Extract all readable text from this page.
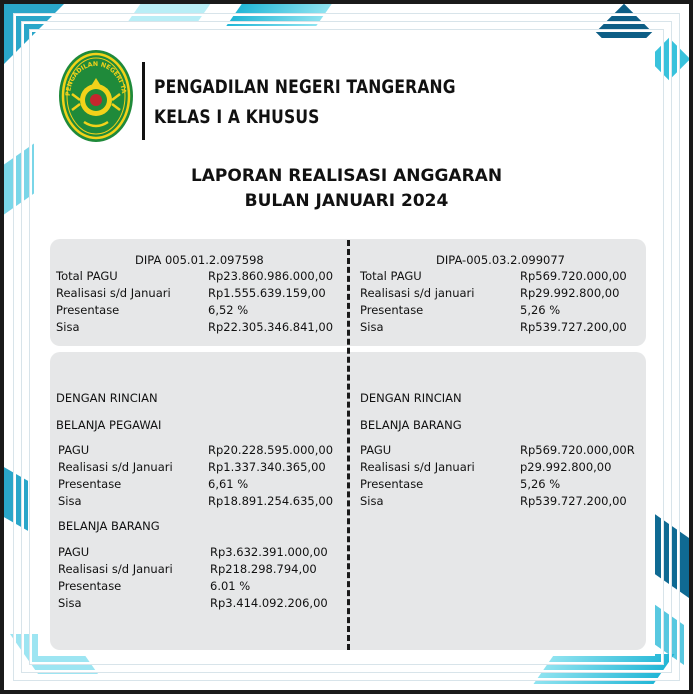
PENGADILAN NEGERI TA PENGADILAN NEGERI TANGERANG
KELAS I A KHUSUS
LAPORAN REALISASI ANGGARAN
BULAN JANUARI 2024
DIPA 005.01.2.097598
Total PAGU	Rp23.860.986.000,00
Realisasi s/d Januari	Rp1.555.639.159,00
Presentase	6,52 %
Sisa	Rp22.305.346.841,00
DIPA-005.03.2.099077
Total PAGU	Rp569.720.000,00
Realisasi s/d januari	Rp29.992.800,00
Presentase	5,26 %
Sisa	Rp539.727.200,00
DENGAN RINCIAN
BELANJA PEGAWAI
PAGU	Rp20.228.595.000,00
Realisasi s/d Januari	Rp1.337.340.365,00
Presentase	6,61 %
Sisa	Rp18.891.254.635,00
BELANJA BARANG
PAGU	Rp3.632.391.000,00
Realisasi s/d Januari	Rp218.298.794,00
Presentase	6.01 %
Sisa	Rp3.414.092.206,00
DENGAN RINCIAN
BELANJA BARANG
PAGU	Rp569.720.000,00R
Realisasi s/d Januari	p29.992.800,00
Presentase	5,26 %
Sisa	Rp539.727.200,00
